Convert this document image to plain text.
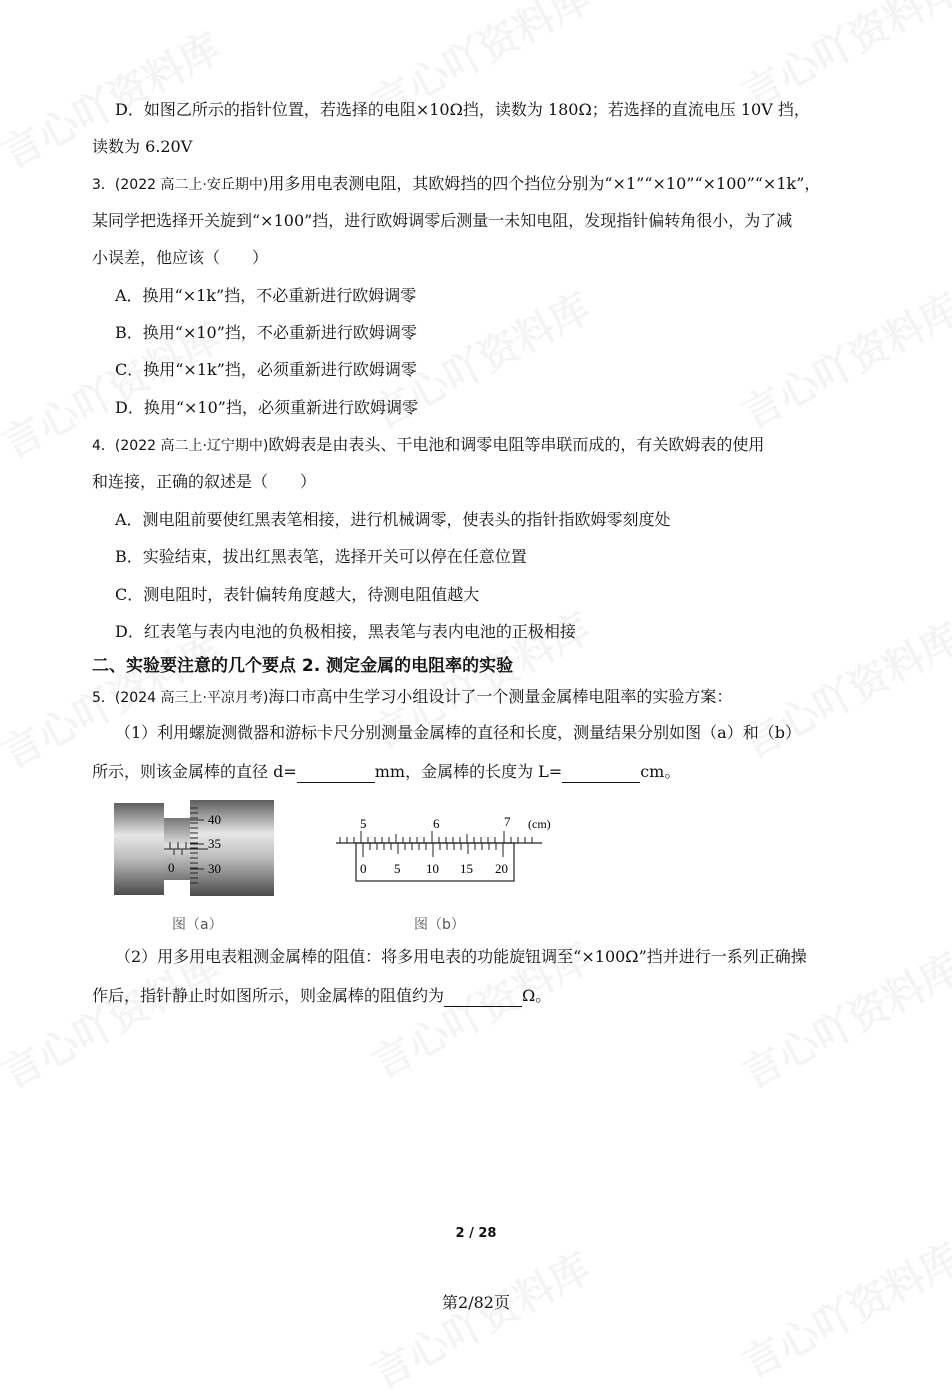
D．如图乙所示的指针位置，若选择的电阻×10Ω挡，读数为 180Ω；若选择的直流电压 10V 挡，
读数为 6.20V
3．(2022 高二上·安丘期中)用多用电表测电阻，其欧姆挡的四个挡位分别为“×1”“×10”“×100”“×1k”，
某同学把选择开关旋到“×100”挡，进行欧姆调零后测量一未知电阻，发现指针偏转角很小，为了减
小误差，他应该（　　）
A．换用“×1k”挡，不必重新进行欧姆调零
B．换用“×10”挡，不必重新进行欧姆调零
C．换用“×1k”挡，必须重新进行欧姆调零
D．换用“×10”挡，必须重新进行欧姆调零
4．(2022 高二上·辽宁期中)欧姆表是由表头、干电池和调零电阻等串联而成的，有关欧姆表的使用
和连接，正确的叙述是（　　）
A．测电阻前要使红黑表笔相接，进行机械调零，使表头的指针指欧姆零刻度处
B．实验结束，拔出红黑表笔，选择开关可以停在任意位置
C．测电阻时，表针偏转角度越大，待测电阻值越大
D．红表笔与表内电池的负极相接，黑表笔与表内电池的正极相接
二、实验要注意的几个要点 2. 测定金属的电阻率的实验
5．(2024 高三上·平凉月考)海口市高中生学习小组设计了一个测量金属棒电阻率的实验方案：
（1）利用螺旋测微器和游标卡尺分别测量金属棒的直径和长度，测量结果分别如图（a）和（b）
所示，则该金属棒的直径 d=	mm，金属棒的长度为 L=	cm。
40
35
30
0
图（a）
5	6	7 (cm)
0 5 10 15 20
图（b）
（2）用多用电表粗测金属棒的阻值：将多用电表的功能旋钮调至“×100Ω”挡并进行一系列正确操
作后，指针静止时如图所示，则金属棒的阻值约为	Ω。
2 / 28
第2/82页
